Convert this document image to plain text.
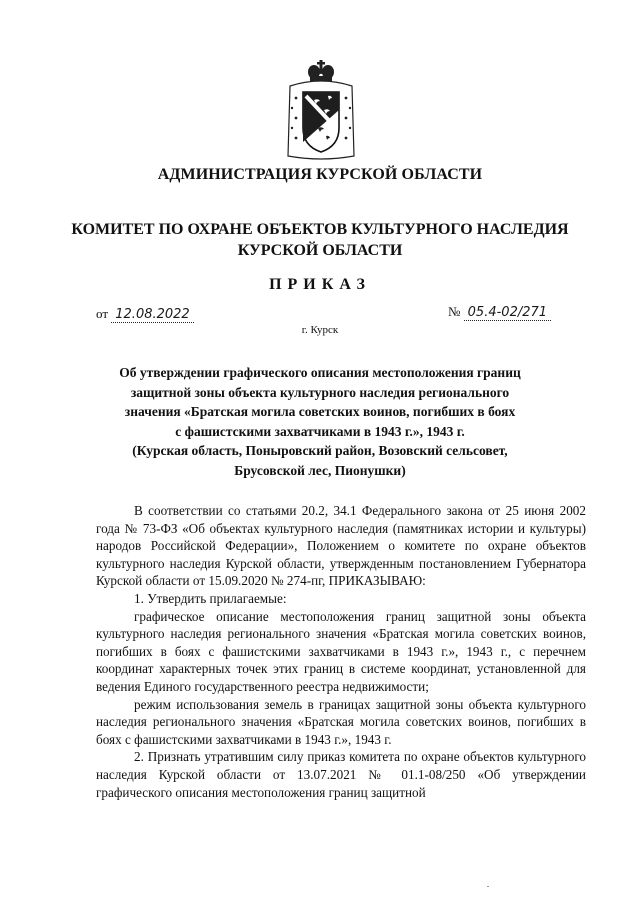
АДМИНИСТРАЦИЯ КУРСКОЙ ОБЛАСТИ
КОМИТЕТ ПО ОХРАНЕ ОБЪЕКТОВ КУЛЬТУРНОГО НАСЛЕДИЯ
КУРСКОЙ ОБЛАСТИ
ПРИКАЗ
от 12.08.2022	№ 05.4-02/271
г. Курск
Об утверждении графического описания местоположения границ
защитной зоны объекта культурного наследия регионального
значения «Братская могила советских воинов, погибших в боях
с фашистскими захватчиками в 1943 г.», 1943 г.
(Курская область, Поныровский район, Возовский сельсовет,
Брусовской лес, Пионушки)

В соответствии со статьями 20.2, 34.1 Федерального закона от 25 июня 2002 года № 73-ФЗ «Об объектах культурного наследия (памятниках истории и культуры) народов Российской Федерации», Положением о комитете по охране объектов культурного наследия Курской области, утвержденным постановлением Губернатора Курской области от 15.09.2020 № 274-пг, ПРИКАЗЫВАЮ:

1. Утвердить прилагаемые:

графическое описание местоположения границ защитной зоны объекта культурного наследия регионального значения «Братская могила советских воинов, погибших в боях с фашистскими захватчиками в 1943 г.», 1943 г., с перечнем координат характерных точек этих границ в системе координат, установленной для ведения Единого государственного реестра недвижимости;

режим использования земель в границах защитной зоны объекта культурного наследия регионального значения «Братская могила советских воинов, погибших в боях с фашистскими захватчиками в 1943 г.», 1943 г.

2. Признать утратившим силу приказ комитета по охране объектов культурного наследия Курской области от 13.07.2021 № 01.1-08/250 «Об утверждении графического описания местоположения границ защитной
